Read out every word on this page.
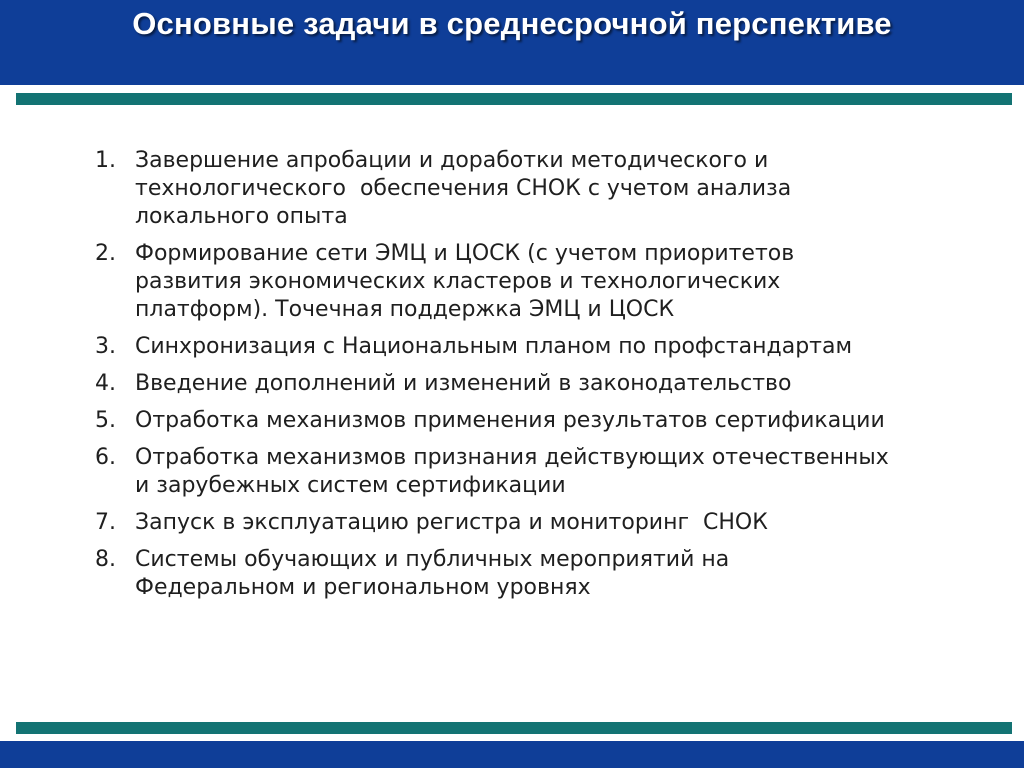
Основные задачи в среднесрочной перспективе
1. Завершение апробации и доработки методического и
технологического  обеспечения СНОК с учетом анализа
локального опыта
2. Формирование сети ЭМЦ и ЦОСК (с учетом приоритетов
развития экономических кластеров и технологических
платформ). Точечная поддержка ЭМЦ и ЦОСК
3. Синхронизация с Национальным планом по профстандартам
4. Введение дополнений и изменений в законодательство
5. Отработка механизмов применения результатов сертификации
6. Отработка механизмов признания действующих отечественных
и зарубежных систем сертификации
7. Запуск в эксплуатацию регистра и мониторинг  СНОК
8. Системы обучающих и публичных мероприятий на
Федеральном и региональном уровнях
